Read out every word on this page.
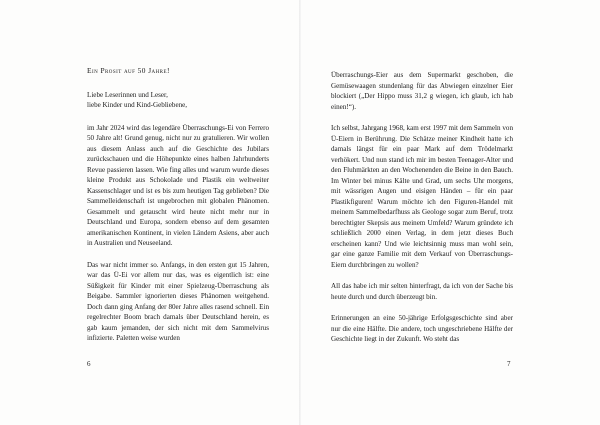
Ein Prosit auf 50 Jahre!
Liebe Leserinnen und Leser,
liebe Kinder und Kind-Gebliebene,

im Jahr 2024 wird das legendäre Überraschungs-Ei von Ferrero 50 Jahre alt! Grund genug, nicht nur zu gratulieren. Wir wollen aus diesem Anlass auch auf die Geschichte des Jubilars zurückschauen und die Höhepunkte eines halben Jahrhunderts Revue passieren lassen. Wie fing alles und warum wurde dieses kleine Produkt aus Schokolade und Plastik ein weltweiter Kassenschlager und ist es bis zum heutigen Tag geblieben? Die Sammelleidenschaft ist ungebrochen mit globalen Phänomen. Gesammelt und getauscht wird heute nicht mehr nur in Deutschland und Europa, sondern ebenso auf dem gesamten amerikanischen Kontinent, in vielen Ländern Asiens, aber auch in Australien und Neuseeland.

Das war nicht immer so. Anfangs, in den ersten gut 15 Jahren, war das Ü-Ei vor allem nur das, was es eigentlich ist: eine Süßigkeit für Kinder mit einer Spielzeug-Überraschung als Beigabe. Sammler ignorierten dieses Phänomen weitgehend. Doch dann ging Anfang der 80er Jahre alles rasend schnell. Ein regelrechter Boom brach damals über Deutschland herein, es gab kaum jemanden, der sich nicht mit dem Sammelvirus infizierte. Paletten weise wurden

6

Überraschungs-Eier aus dem Supermarkt geschoben, die Gemüsewaagen stundenlang für das Abwiegen einzelner Eier blockiert („Der Hippo muss 31,2 g wiegen, ich glaub, ich hab einen!“).

Ich selbst, Jahrgang 1968, kam erst 1997 mit dem Sammeln von Ü-Eiern in Berührung. Die Schätze meiner Kindheit hatte ich damals längst für ein paar Mark auf dem Trödelmarkt verhökert. Und nun stand ich mir im besten Teenager-Alter und den Fluhmärkten an den Wochenenden die Beine in den Bauch. Im Winter bei minus Kälte und Grad, um sechs Uhr morgens, mit wässrigen Augen und eisigen Händen – für ein paar Plastikfiguren! Warum möchte ich den Figuren-Handel mit meinem Sammelbedarfhuss als Geologe sogar zum Beruf, trotz berechtigter Skepsis aus meinem Umfeld? Warum gründete ich schließlich 2000 einen Verlag, in dem jetzt dieses Buch erscheinen kann? Und wie leichtsinnig muss man wohl sein, gar eine ganze Familie mit dem Verkauf von Überraschungs-Eiern durchbringen zu wollen?

All das habe ich mir selten hinterfragt, da ich von der Sache bis heute durch und durch überzeugt bin.

Erinnerungen an eine 50-jährige Erfolgsgeschichte sind aber nur die eine Hälfte. Die andere, toch ungeschriebene Hälfte der Geschichte liegt in der Zukunft. Wo steht das

7
